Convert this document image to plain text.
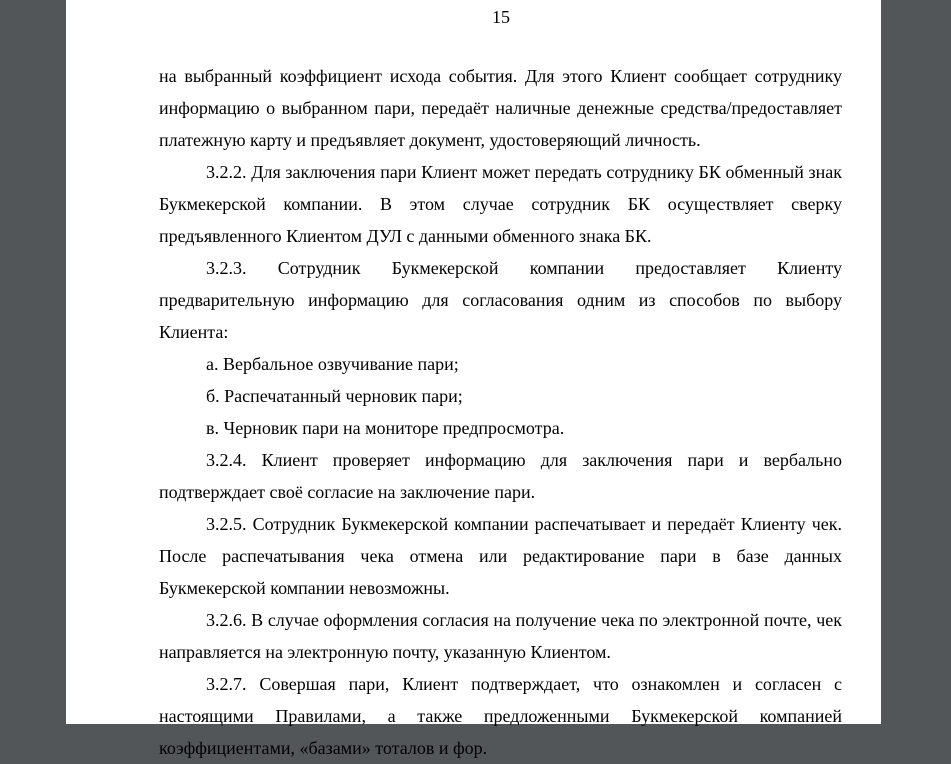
15

на выбранный коэффициент исхода события. Для этого Клиент сообщает сотруднику информацию о выбранном пари, передаёт наличные денежные средства/предоставляет платежную карту и предъявляет документ, удостоверяющий личность.

3.2.2. Для заключения пари Клиент может передать сотруднику БК обменный знак Букмекерской компании. В этом случае сотрудник БК осуществляет сверку предъявленного Клиентом ДУЛ с данными обменного знака БК.

3.2.3. Сотрудник Букмекерской компании предоставляет Клиенту предварительную информацию для согласования одним из способов по выбору Клиента:

а. Вербальное озвучивание пари;

б. Распечатанный черновик пари;

в. Черновик пари на мониторе предпросмотра.

3.2.4. Клиент проверяет информацию для заключения пари и вербально подтверждает своё согласие на заключение пари.

3.2.5. Сотрудник Букмекерской компании распечатывает и передаёт Клиенту чек. После распечатывания чека отмена или редактирование пари в базе данных Букмекерской компании невозможны.

3.2.6. В случае оформления согласия на получение чека по электронной почте, чек направляется на электронную почту, указанную Клиентом.

3.2.7. Совершая пари, Клиент подтверждает, что ознакомлен и согласен с настоящими Правилами, а также предложенными Букмекерской компанией коэффициентами, «базами» тоталов и фор.
